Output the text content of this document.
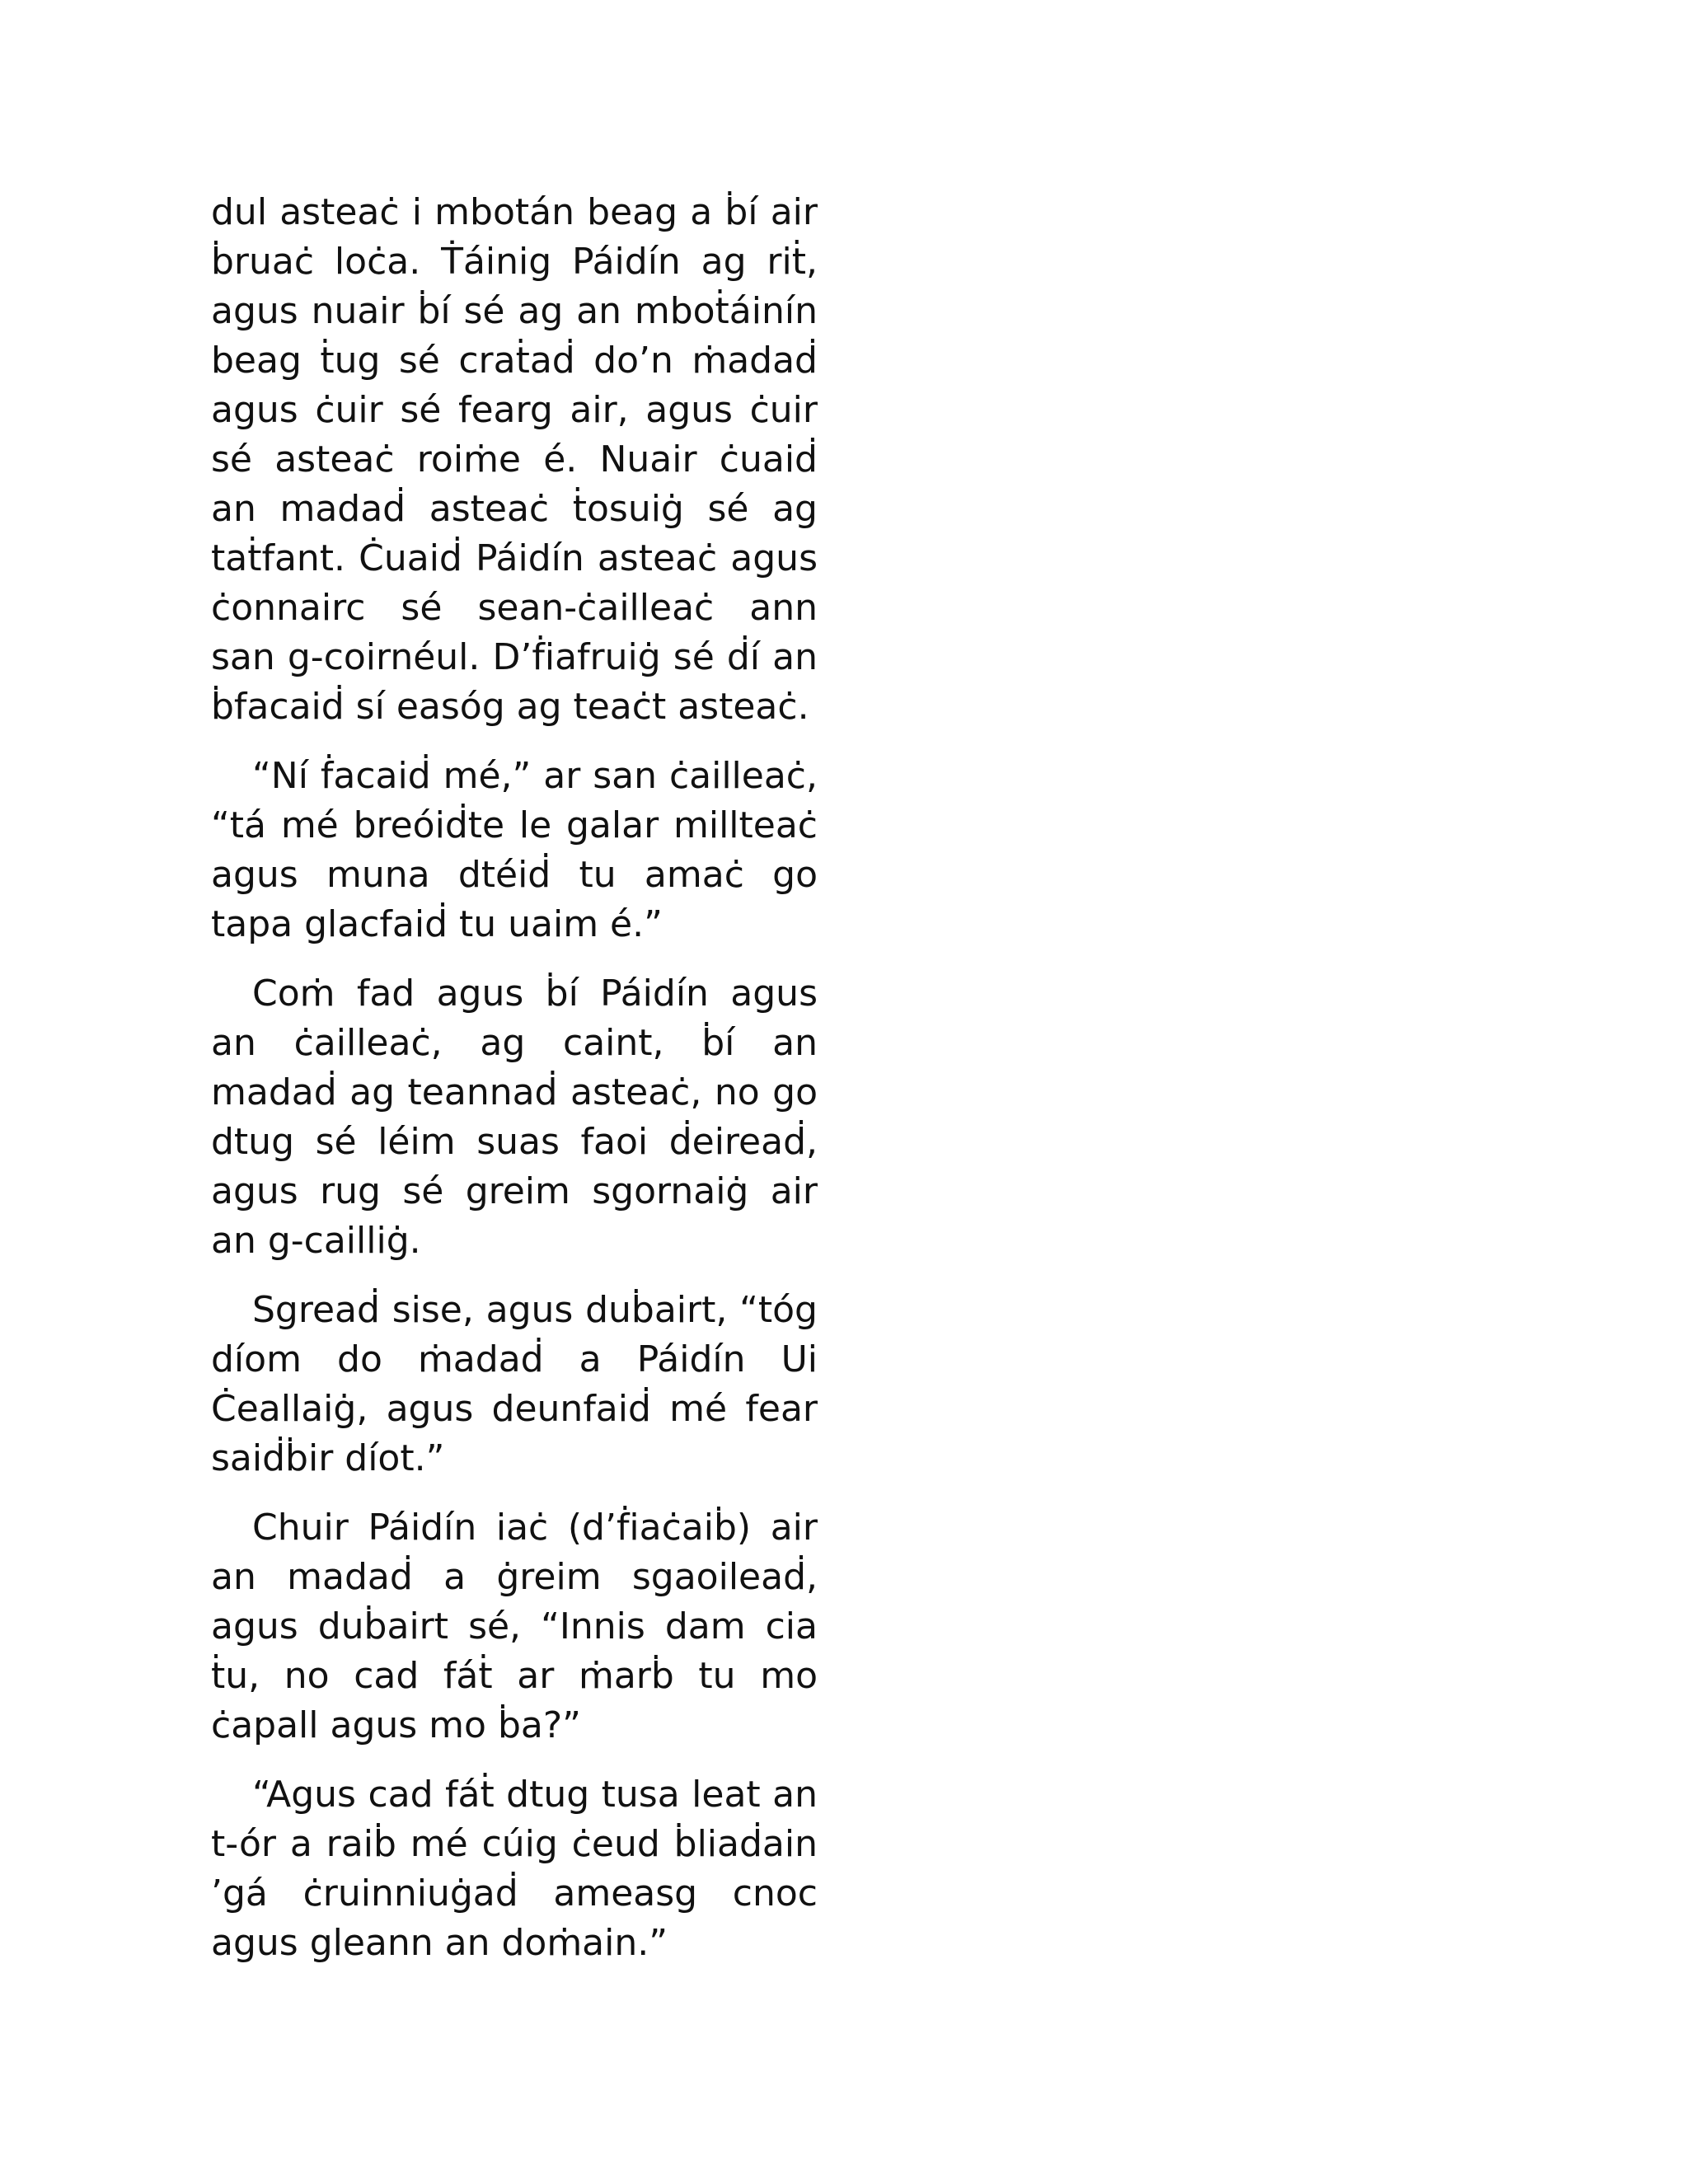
dul asteaċ i mbotán beag a ḃí air ḃruaċ loċa. Ṫáinig Páidín ag riṫ, agus nuair ḃí sé ag an mboṫáinín beag ṫug sé craṫaḋ do’n ṁadaḋ agus ċuir sé fearg air, agus ċuir sé asteaċ roiṁe é. Nuair ċuaiḋ an madaḋ asteaċ ṫosuiġ sé ag taṫfant. Ċuaiḋ Páidín asteaċ agus ċonnairc sé sean-ċailleaċ ann san g-coirnéul. D’ḟiafruiġ sé ḋí an ḃfacaiḋ sí easóg ag teaċt asteaċ.

“Ní ḟacaiḋ mé,” ar san ċailleaċ, “tá mé breóiḋte le galar millteaċ agus muna dtéiḋ tu amaċ go tapa glacfaiḋ tu uaim é.”

Coṁ fad agus ḃí Páidín agus an ċailleaċ, ag caint, ḃí an madaḋ ag teannaḋ asteaċ, no go dtug sé léim suas faoi ḋeireaḋ, agus rug sé greim sgornaiġ air an g-cailliġ.

Sgreaḋ sise, agus duḃairt, “tóg díom do ṁadaḋ a Páidín Ui Ċeallaiġ, agus deunfaiḋ mé fear saiḋḃir díot.”

Chuir Páidín iaċ (d’ḟiaċaiḃ) air an madaḋ a ġreim sgaoileaḋ, agus duḃairt sé, “Innis dam cia ṫu, no cad fáṫ ar ṁarḃ tu mo ċapall agus mo ḃa?”

“Agus cad fáṫ dtug tusa leat an t-ór a raiḃ mé cúig ċeud ḃliaḋain ’gá ċruinniuġaḋ ameasg cnoc agus gleann an doṁain.”
